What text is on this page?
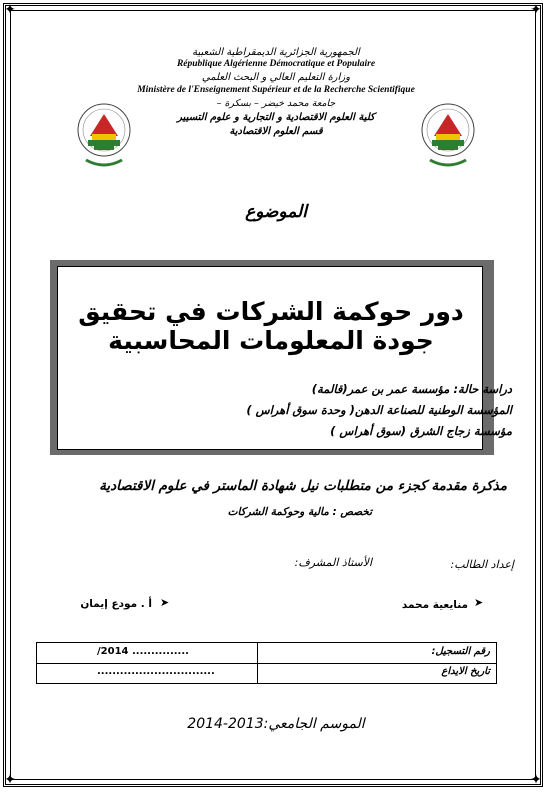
✦	✦
✦	✦
الجمهورية الجزائرية الديمقراطية الشعبية
République Algérienne Démocratique et Populaire
وزارة التعليم العالي و البحث العلمي
Ministère de l'Enseignement Supérieur et de la Recherche Scientifique
جامعة محمد خيضر – بسكرة –
كلية العلوم الاقتصادية و التجارية و علوم التسيير
قسم العلوم الاقتصادية
الموضوع
دور حوكمة الشركات في تحقيق جودة المعلومات المحاسبية
دراسة حالة: مؤسسة عمر بن عمر(قالمة)
المؤسسة الوطنية للصناعة الدهن( وحدة سوق أهراس )
مؤسسة زجاج الشرق (سوق أهراس )
مذكرة مقدمة كجزء من متطلبات نيل شهادة الماستر في علوم الاقتصادية
تخصص : مالية وحوكمة الشركات
الأستاذ المشرف:	إعداد الطالب:
➤
أ . مودع إيمان	➤
منايعية محمد
/2014 ...............	رقم التسجيل:
...............................	تاريخ الايداع
الموسم الجامعي:2013-2014
